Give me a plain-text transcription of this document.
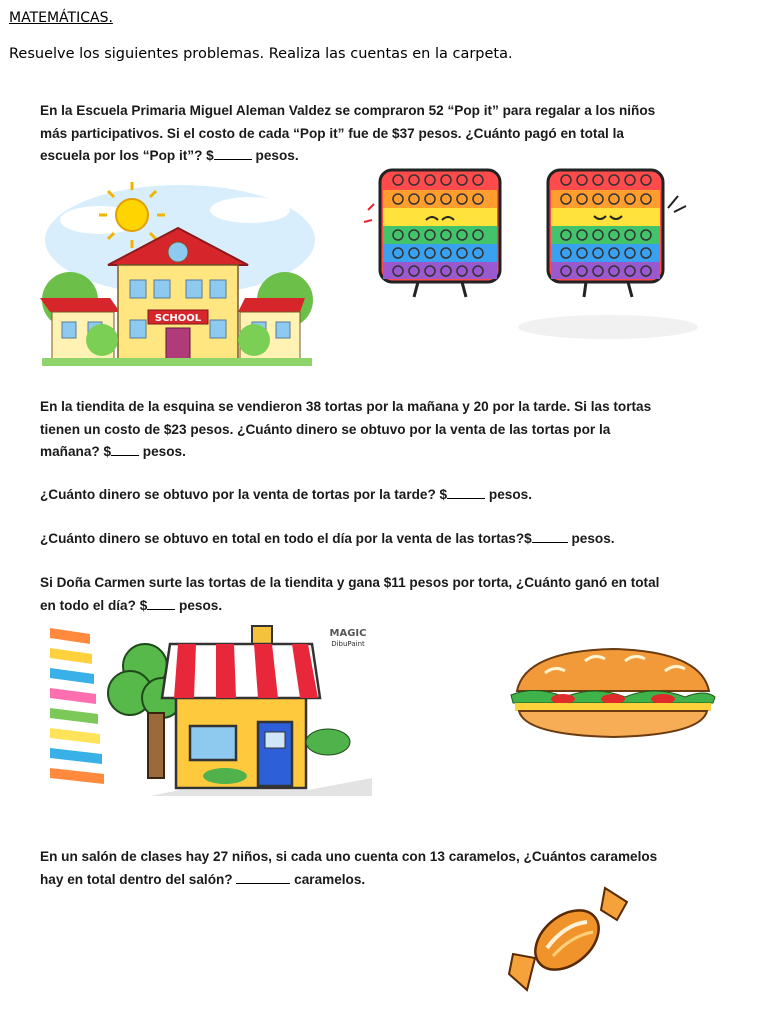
MATEMÁTICAS.
Resuelve los siguientes problemas. Realiza las cuentas en la carpeta.
En la Escuela Primaria Miguel Aleman Valdez se compraron 52 “Pop it” para regalar a los niños
más participativos. Si el costo de cada “Pop it” fue de $37 pesos. ¿Cuánto pagó en total la
escuela por los “Pop it”? $	pesos.
SCHOOL
En la tiendita de la esquina se vendieron 38 tortas por la mañana y 20 por la tarde. Si las tortas
tienen un costo de $23 pesos. ¿Cuánto dinero se obtuvo por la venta de las tortas por la
mañana? $ pesos.
¿Cuánto dinero se obtuvo por la venta de tortas por la tarde? $	pesos.
¿Cuánto dinero se obtuvo en total en todo el día por la venta de las tortas?$	pesos.
Si Doña Carmen surte las tortas de la tiendita y gana $11 pesos por torta, ¿Cuánto ganó en total
en todo el día? $ pesos.
MAGIC
DibuPaint
En un salón de clases hay 27 niños, si cada uno cuenta con 13 caramelos, ¿Cuántos caramelos
hay en total dentro del salón?	caramelos.
